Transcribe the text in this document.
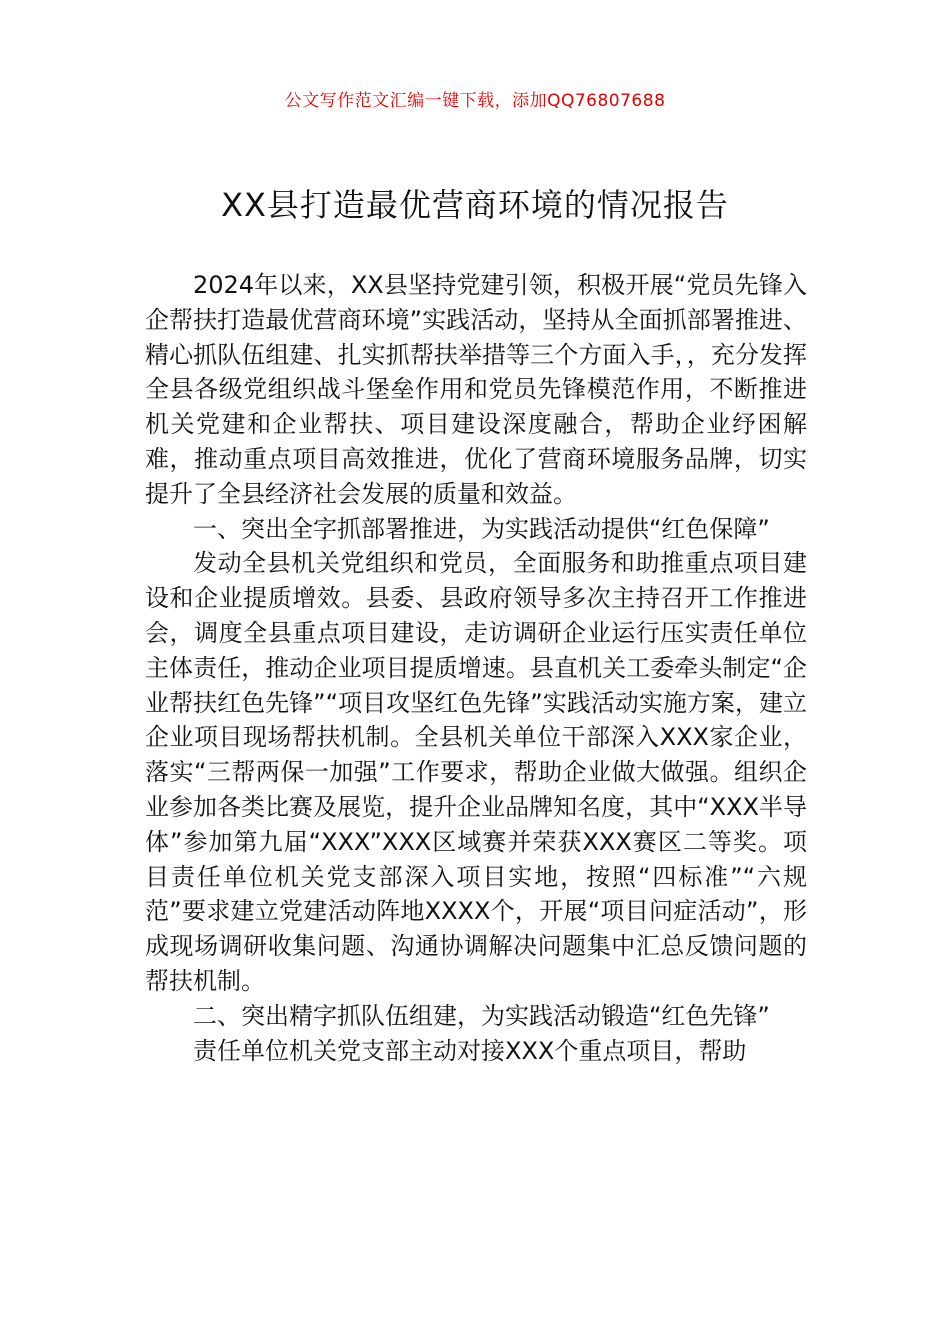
公文写作范文汇编一键下载，添加QQ76807688
XX县打造最优营商环境的情况报告

2024年以来，XX县坚持党建引领，积极开展“党员先锋入企帮扶打造最优营商环境”实践活动，坚持从全面抓部署推进、精心抓队伍组建、扎实抓帮扶举措等三个方面入手，，充分发挥全县各级党组织战斗堡垒作用和党员先锋模范作用，不断推进机关党建和企业帮扶、项目建设深度融合，帮助企业纾困解难，推动重点项目高效推进，优化了营商环境服务品牌，切实提升了全县经济社会发展的质量和效益。

一、突出全字抓部署推进，为实践活动提供“红色保障”

发动全县机关党组织和党员，全面服务和助推重点项目建设和企业提质增效。县委、县政府领导多次主持召开工作推进会，调度全县重点项目建设，走访调研企业运行压实责任单位主体责任，推动企业项目提质增速。县直机关工委牵头制定“企业帮扶红色先锋”“项目攻坚红色先锋”实践活动实施方案，建立企业项目现场帮扶机制。全县机关单位干部深入XXX家企业，落实“三帮两保一加强”工作要求，帮助企业做大做强。组织企业参加各类比赛及展览，提升企业品牌知名度，其中“XXX半导体”参加第九届“XXX”XXX区域赛并荣获XXX赛区二等奖。项目责任单位机关党支部深入项目实地，按照“四标准”“六规范”要求建立党建活动阵地XXXX个，开展“项目问症活动”，形成现场调研收集问题、沟通协调解决问题集中汇总反馈问题的帮扶机制。

二、突出精字抓队伍组建，为实践活动锻造“红色先锋”

责任单位机关党支部主动对接XXX个重点项目，帮助
